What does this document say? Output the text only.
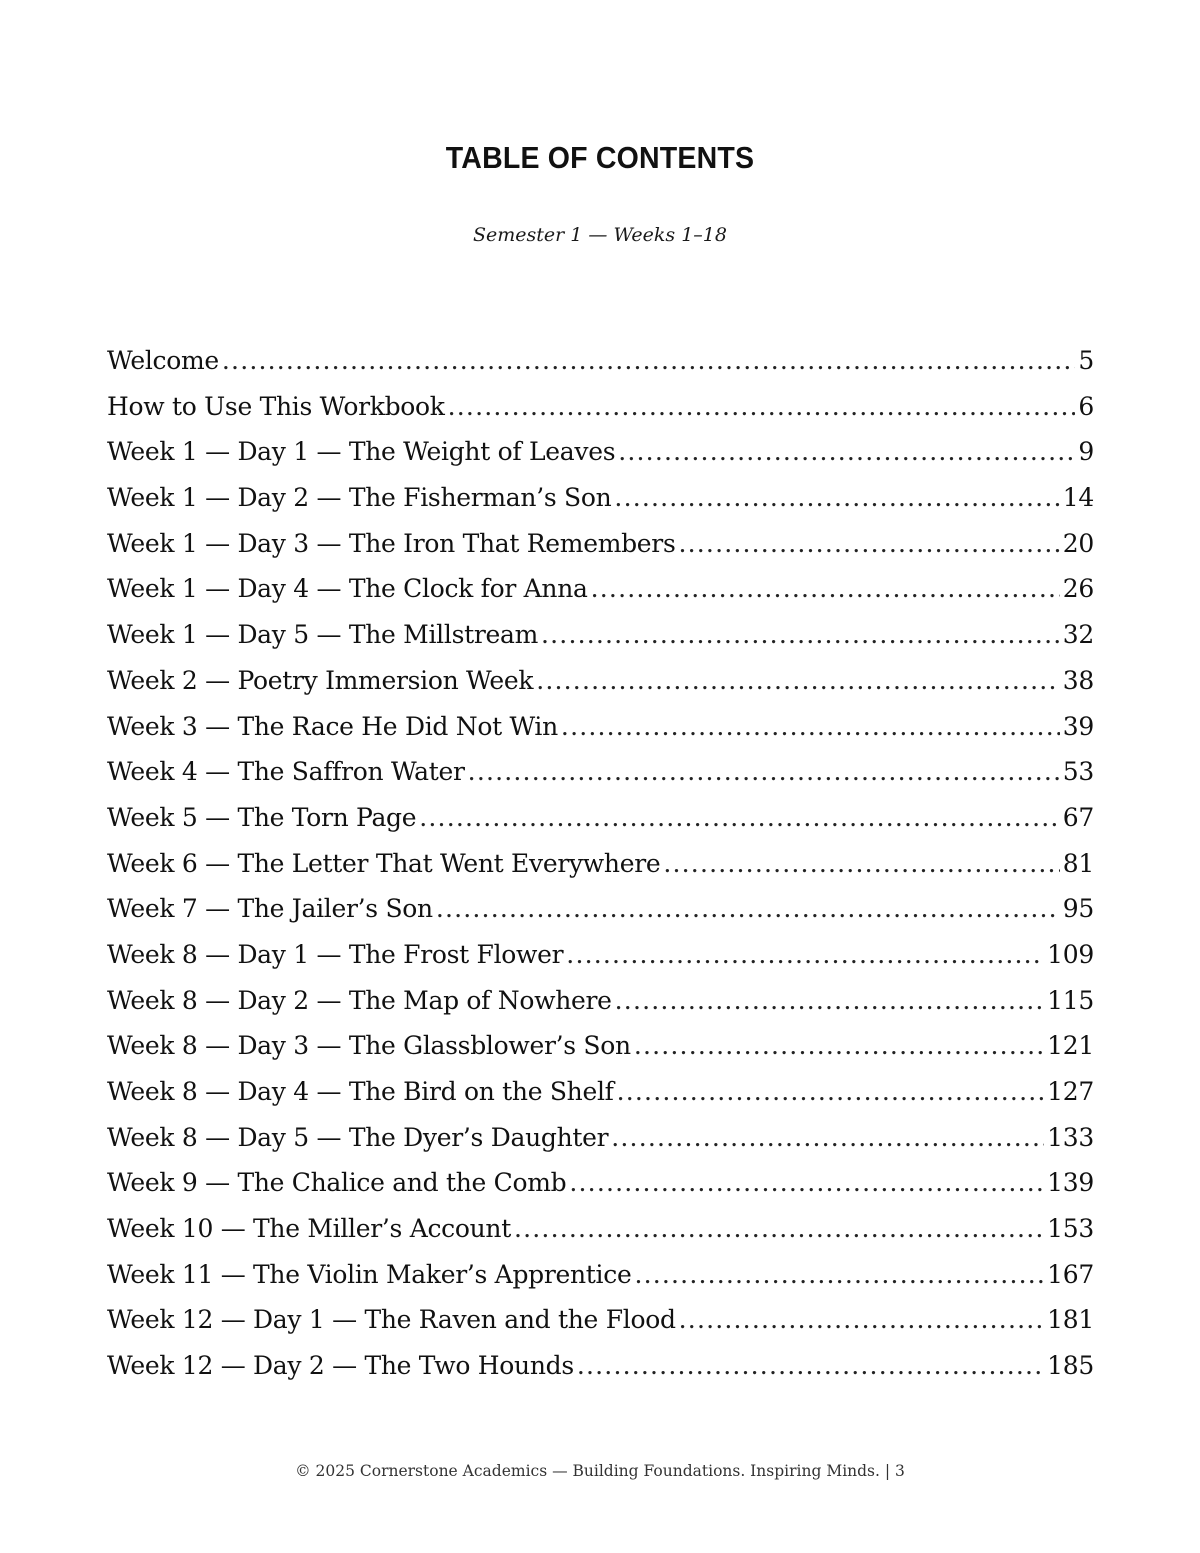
TABLE OF CONTENTS
Semester 1 — Weeks 1–18
Welcome .....	5
How to Use This Workbook .....	6
Week 1 — Day 1 — The Weight of Leaves .....	9
Week 1 — Day 2 — The Fisherman’s Son .....	14
Week 1 — Day 3 — The Iron That Remembers .....	20
Week 1 — Day 4 — The Clock for Anna .....	26
Week 1 — Day 5 — The Millstream .....	32
Week 2 — Poetry Immersion Week .....	38
Week 3 — The Race He Did Not Win .....	39
Week 4 — The Saffron Water .....	53
Week 5 — The Torn Page .....	67
Week 6 — The Letter That Went Everywhere .....	81
Week 7 — The Jailer’s Son .....	95
Week 8 — Day 1 — The Frost Flower .....	109
Week 8 — Day 2 — The Map of Nowhere .....	115
Week 8 — Day 3 — The Glassblower’s Son .....	121
Week 8 — Day 4 — The Bird on the Shelf .....	127
Week 8 — Day 5 — The Dyer’s Daughter .....	133
Week 9 — The Chalice and the Comb .....	139
Week 10 — The Miller’s Account .....	153
Week 11 — The Violin Maker’s Apprentice .....	167
Week 12 — Day 1 — The Raven and the Flood .....	181
Week 12 — Day 2 — The Two Hounds .....	185
© 2025 Cornerstone Academics — Building Foundations. Inspiring Minds. | 3
